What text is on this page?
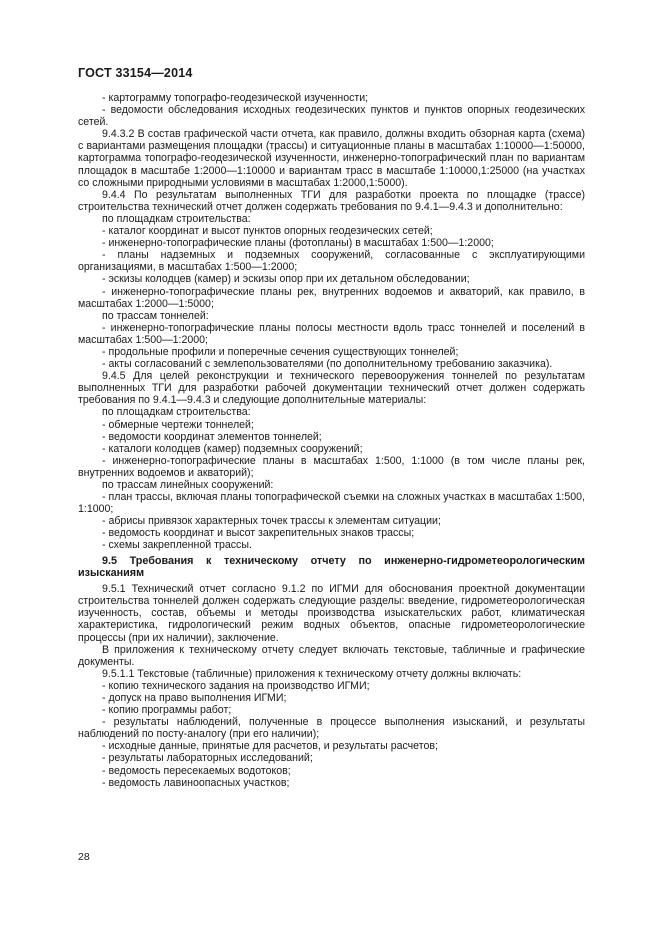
ГОСТ 33154—2014

- картограмму топографо-геодезической изученности;

- ведомости обследования исходных геодезических пунктов и пунктов опорных геодезических сетей.

9.4.3.2 В состав графической части отчета, как правило, должны входить обзорная карта (схема) с вариантами размещения площадки (трассы) и ситуационные планы в масштабах 1:10000—1:50000, картограмма топографо-геодезической изученности, инженерно-топографический план по вариантам площадок в масштабе 1:2000—1:10000 и вариантам трасс в масштабе 1:10000,1:25000 (на участках со сложными природными условиями в масштабах 1:2000,1:5000).

9.4.4 По результатам выполненных ТГИ для разработки проекта по площадке (трассе) строительства технический отчет должен содержать требования по 9.4.1—9.4.3 и дополнительно:

по площадкам строительства:

- каталог координат и высот пунктов опорных геодезических сетей;

- инженерно-топографические планы (фотопланы) в масштабах 1:500—1:2000;

- планы надземных и подземных сооружений, согласованные с эксплуатирующими организациями, в масштабах 1:500—1:2000;

- эскизы колодцев (камер) и эскизы опор при их детальном обследовании;

- инженерно-топографические планы рек, внутренних водоемов и акваторий, как правило, в масштабах 1:2000—1:5000;

по трассам тоннелей:

- инженерно-топографические планы полосы местности вдоль трасс тоннелей и поселений в масштабах 1:500—1:2000;

- продольные профили и поперечные сечения существующих тоннелей;

- акты согласований с землепользователями (по дополнительному требованию заказчика).

9.4.5 Для целей реконструкции и технического перевооружения тоннелей по результатам выполненных ТГИ для разработки рабочей документации технический отчет должен содержать требования по 9.4.1—9.4.3 и следующие дополнительные материалы:

по площадкам строительства:

- обмерные чертежи тоннелей;

- ведомости координат элементов тоннелей;

- каталоги колодцев (камер) подземных сооружений;

- инженерно-топографические планы в масштабах 1:500, 1:1000 (в том числе планы рек, внутренних водоемов и акваторий);

по трассам линейных сооружений:

- план трассы, включая планы топографической съемки на сложных участках в масштабах 1:500, 1:1000;

- абрисы привязок характерных точек трассы к элементам ситуации;

- ведомость координат и высот закрепительных знаков трассы;

- схемы закрепленной трассы.

9.5 Требования к техническому отчету по инженерно-гидрометеорологическим изысканиям

9.5.1 Технический отчет согласно 9.1.2 по ИГМИ для обоснования проектной документации строительства тоннелей должен содержать следующие разделы: введение, гидрометеорологическая изученность, состав, объемы и методы производства изыскательских работ, климатическая характеристика, гидрологический режим водных объектов, опасные гидрометеорологические процессы (при их наличии), заключение.

В приложения к техническому отчету следует включать текстовые, табличные и графические документы.

9.5.1.1 Текстовые (табличные) приложения к техническому отчету должны включать:

- копию технического задания на производство ИГМИ;

- допуск на право выполнения ИГМИ;

- копию программы работ;

- результаты наблюдений, полученные в процессе выполнения изысканий, и результаты наблюдений по посту-аналогу (при его наличии);

- исходные данные, принятые для расчетов, и результаты расчетов;

- результаты лабораторных исследований;

- ведомость пересекаемых водотоков;

- ведомость лавиноопасных участков;

28
